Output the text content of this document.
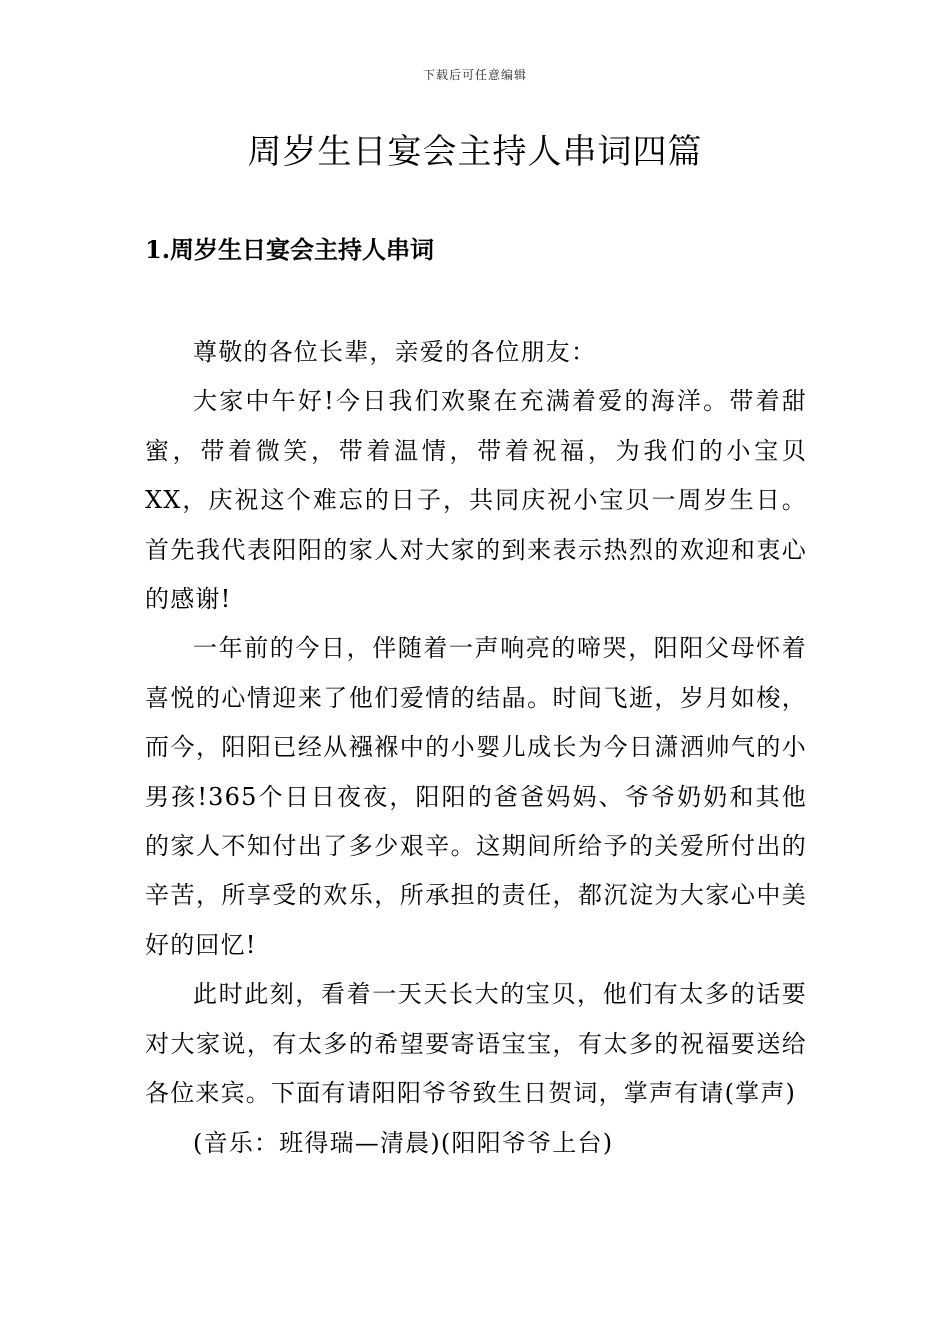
下载后可任意编辑
周岁生日宴会主持人串词四篇
1.周岁生日宴会主持人串词

尊敬的各位长辈，亲爱的各位朋友：

大家中午好!今日我们欢聚在充满着爱的海洋。带着甜蜜，带着微笑，带着温情，带着祝福，为我们的小宝贝XX，庆祝这个难忘的日子，共同庆祝小宝贝一周岁生日。首先我代表阳阳的家人对大家的到来表示热烈的欢迎和衷心的感谢!

一年前的今日，伴随着一声响亮的啼哭，阳阳父母怀着喜悦的心情迎来了他们爱情的结晶。时间飞逝，岁月如梭，而今，阳阳已经从襁褓中的小婴儿成长为今日潇洒帅气的小男孩!365个日日夜夜，阳阳的爸爸妈妈、爷爷奶奶和其他的家人不知付出了多少艰辛。这期间所给予的关爱所付出的辛苦，所享受的欢乐，所承担的责任，都沉淀为大家心中美好的回忆!

此时此刻，看着一天天长大的宝贝，他们有太多的话要对大家说，有太多的希望要寄语宝宝，有太多的祝福要送给各位来宾。下面有请阳阳爷爷致生日贺词，掌声有请(掌声)

(音乐：班得瑞—清晨)(阳阳爷爷上台)
